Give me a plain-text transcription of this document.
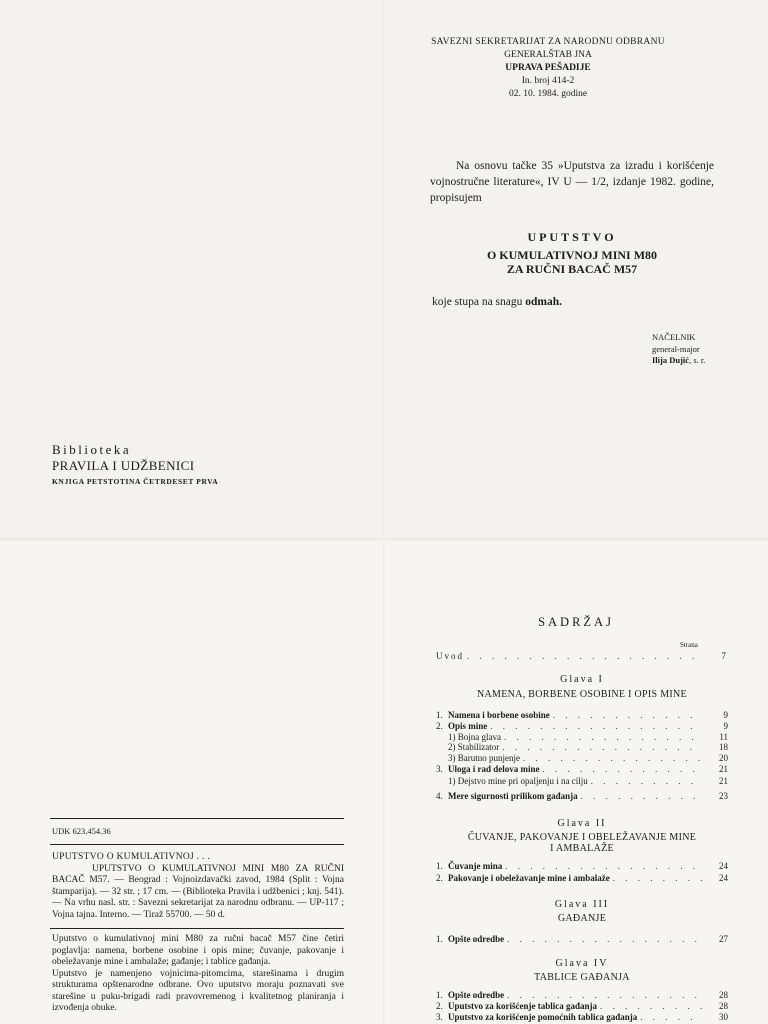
SAVEZNI SEKRETARIJAT ZA NARODNU ODBRANU
GENERALŠTAB JNA
UPRAVA PEŠADIJE
In. broj 414-2
02. 10. 1984. godine
Na osnovu tačke 35 »Uputstva za izradu i korišćenje vojnostručne literature«, IV U — 1/2, izdanje 1982. godine, propisujem
UPUTSTVO
O KUMULATIVNOJ MINI M80
ZA RUČNI BACAČ M57
koje stupa na snagu odmah.
NAČELNIK
general-major
Ilija Dujić, s. r.
Biblioteka
PRAVILA I UDŽBENICI
KNJIGA PETSTOTINA ČETRDESET PRVA
UDK 623.454.36
UPUTSTVO O KUMULATIVNOJ . . .
UPUTSTVO O KUMULATIVNOJ MINI M80 ZA RUČNI BACAČ M57. — Beograd : Vojnoizdavački zavod, 1984 (Split : Vojna štamparija). — 32 str. ; 17 cm. — (Biblioteka Pravila i udžbenici ; knj. 541). — Na vrhu nasl. str. : Savezni sekretarijat za narodnu odbranu. — UP-117 ; Vojna tajna. Interno. — Tiraž 55700. — 50 d.

Uputstvo o kumulativnoj mini M80 za ručni bacač M57 čine četiri poglavlja: namena, borbene osobine i opis mine; čuvanje, pakovanje i obeležavanje mine i ambalaže; gađanje; i tablice gađanja.

Uputstvo je namenjeno vojnicima-pitomcima, starešinama i drugim strukturama opštenarodne odbrane. Ovo uputstvo moraju poznavati sve starešine u puku-brigadi radi pravovremenog i kvalitetnog planiranja i izvođenja obuke.

SADRŽAJ
Strana
Uvod . . .	7
Glava I
NAMENA, BORBENE OSOBINE I OPIS MINE
1. Namena i borbene osobine . . .	9
2. Opis mine . . .	9
1) Bojna glava . . .	11
2) Stabilizator . . .	18
3) Barutno punjenje . . .	20
3. Uloga i rad delova mine . . .	21
1) Dejstvo mine pri opaljenju i na cilju . . .	21
4. Mere sigurnosti prilikom gađanja . . .	23
Glava II
ČUVANJE, PAKOVANJE I OBELEŽAVANJE MINE
I AMBALAŽE
1. Čuvanje mina . . .	24
2. Pakovanje i obeležavanje mine i ambalaže . . .	24
Glava III
GAĐANJE
1. Opšte odredbe . . .	27
Glava IV
TABLICE GAĐANJA
1. Opšte odredbe . . .	28
2. Uputstvo za korišćenje tablica gađanja . . .	28
3. Uputstvo za korišćenje pomoćnih tablica gađanja . . .	30
